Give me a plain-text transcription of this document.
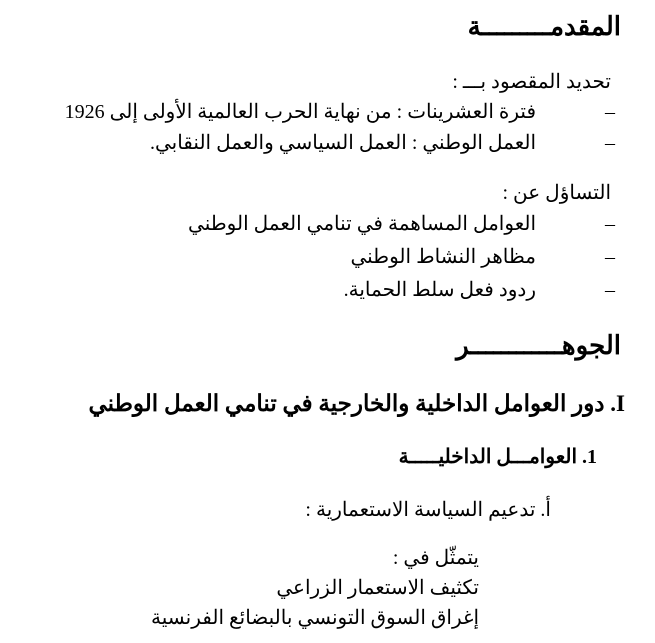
المقدمـــــــــة
تحديد المقصود بـــ :
فترة العشرينات : من نهاية الحرب العالمية الأولى إلى 1926	–
العمل الوطني : العمل السياسي والعمل النقابي.	–
التساؤل عن :
العوامل المساهمة في تنامي العمل الوطني	–
مظاهر النشاط الوطني	–
ردود فعل سلط الحماية.	–
الجوهــــــــــــر
I. دور العوامل الداخلية والخارجية في تنامي العمل الوطني
1. العوامـــل الداخليـــــة
أ. تدعيم السياسة الاستعمارية :
يتمثّل في :
تكثيف الاستعمار الزراعي
إغراق السوق التونسي بالبضائع الفرنسية
